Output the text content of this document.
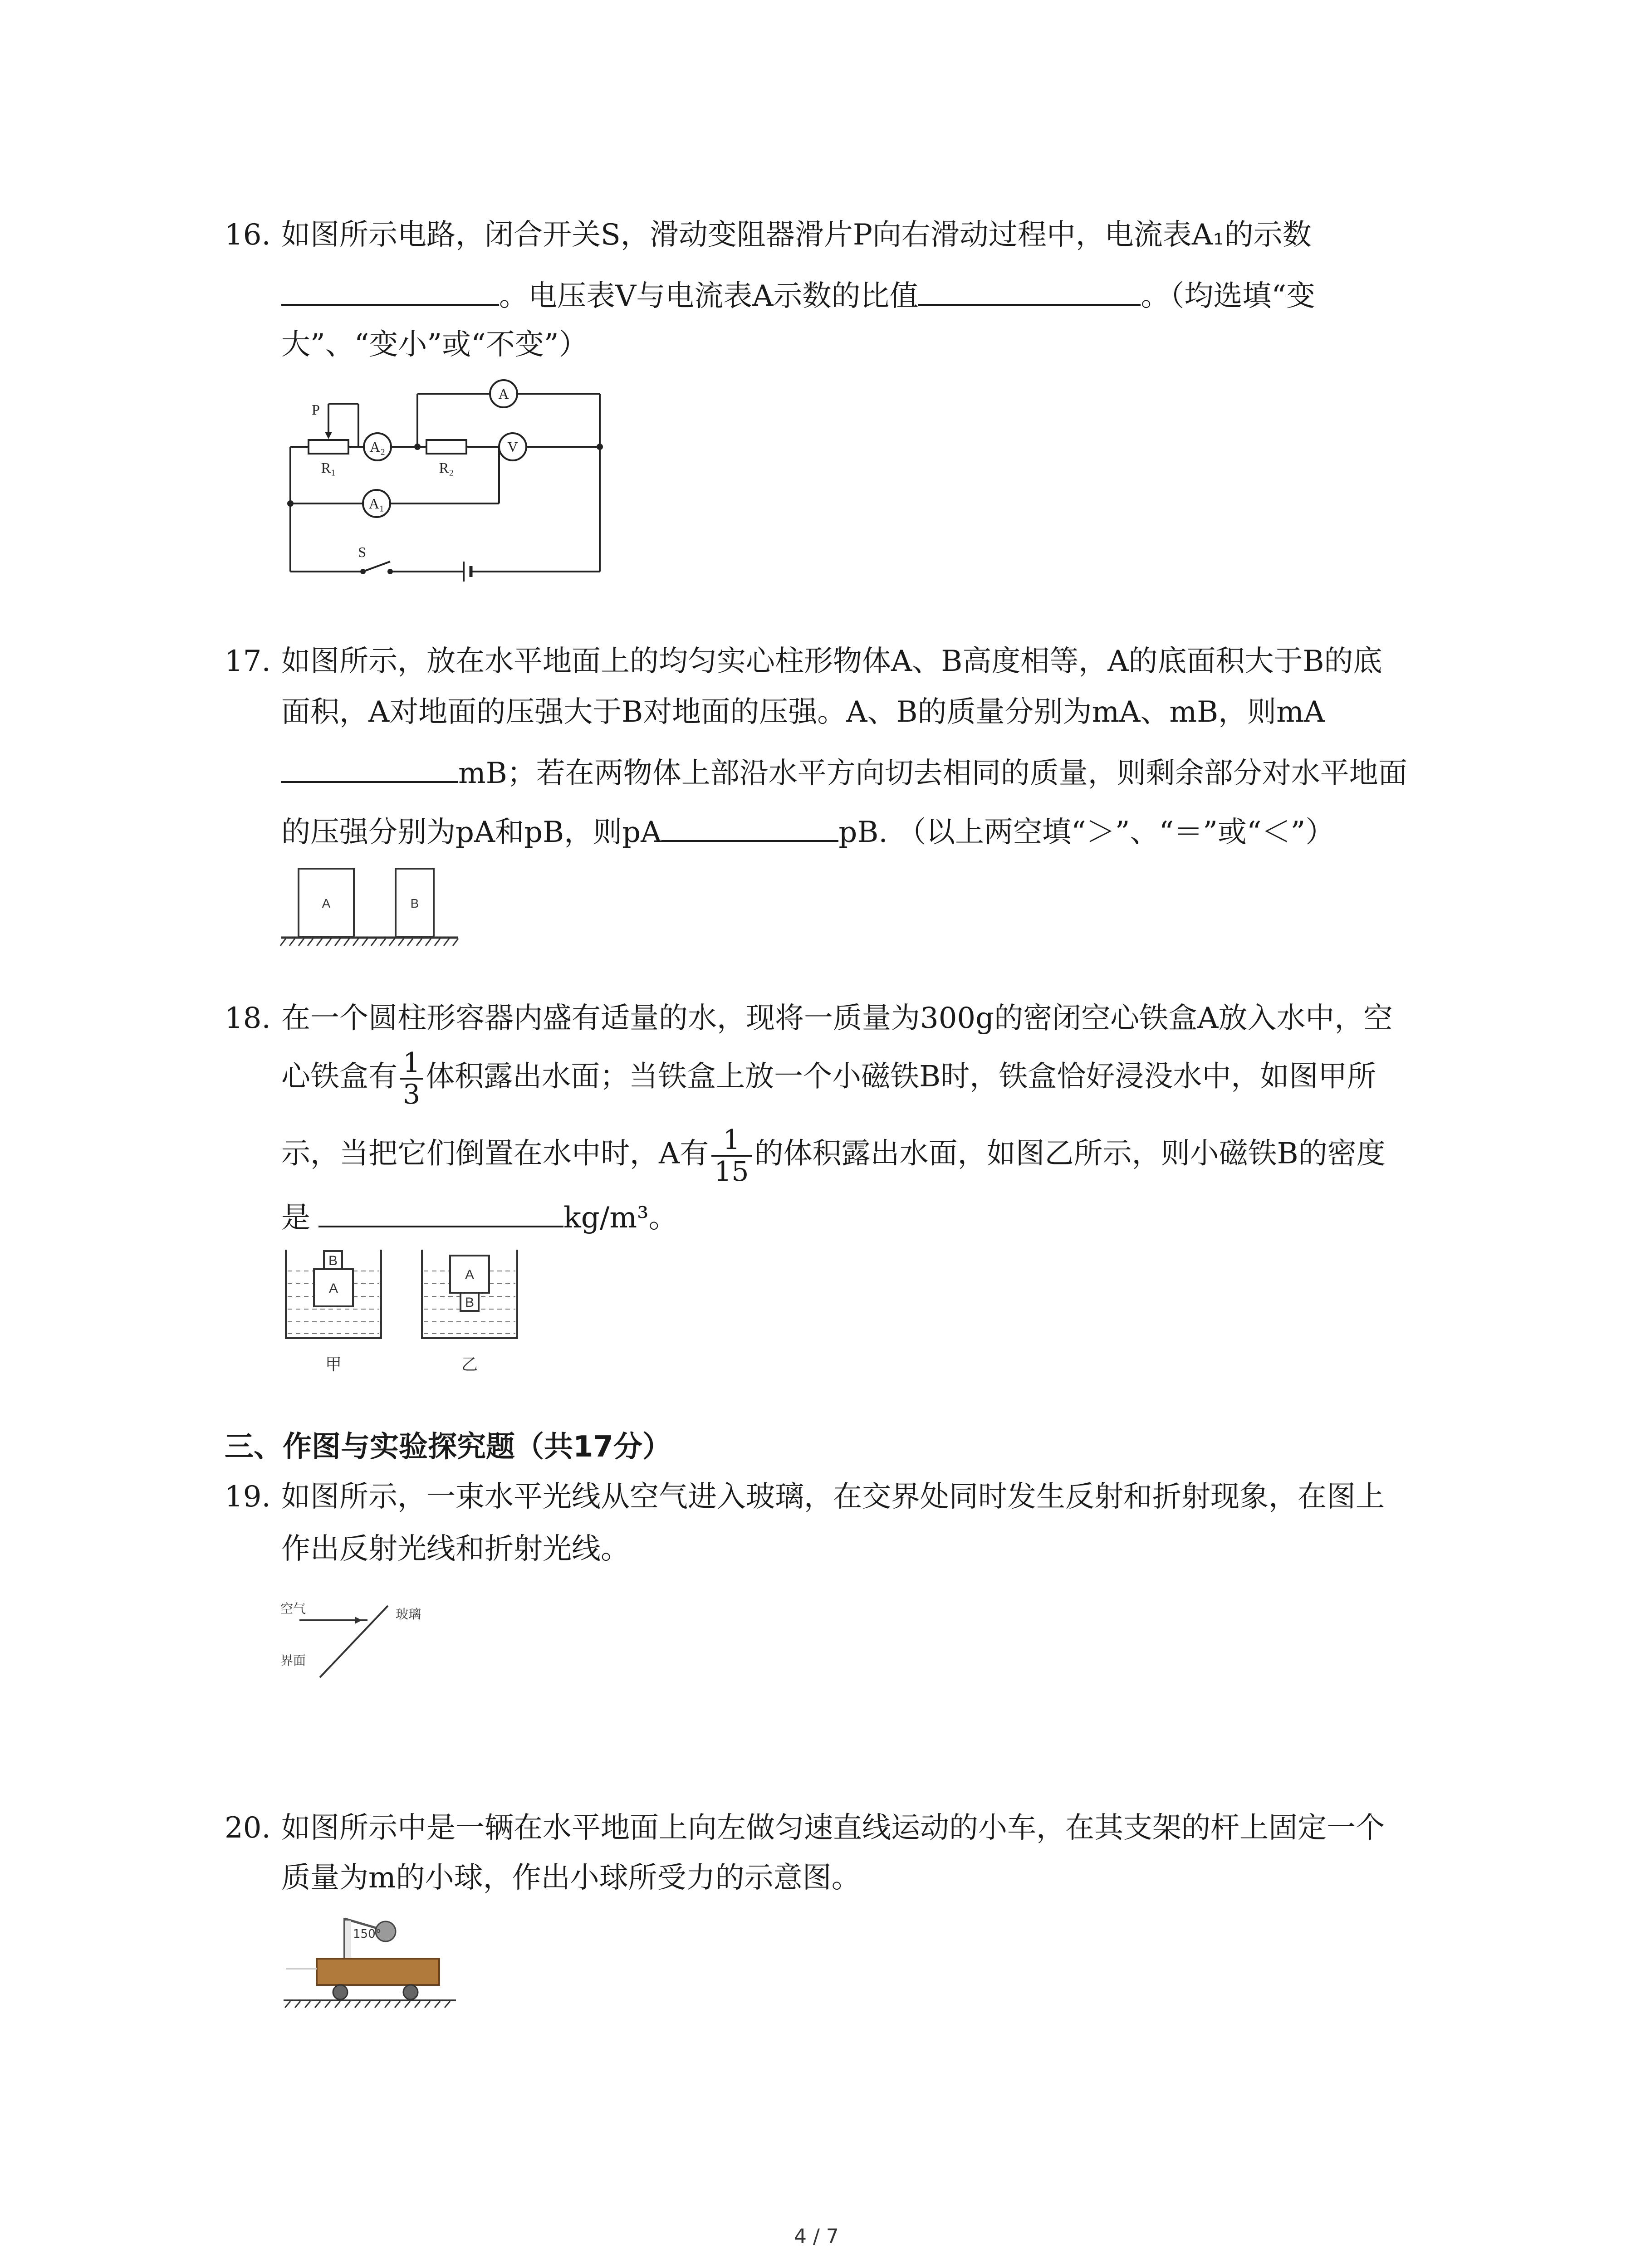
16. 如图所示电路，闭合开关S，滑动变阻器滑片P向右滑动过程中，电流表A₁的示数
。电压表V与电流表A示数的比值	。（均选填“变
大”、“变小”或“不变”）
A
A₂	V
A₁
P
R₁	R₂
S
17. 如图所示，放在水平地面上的均匀实心柱形物体A、B高度相等，A的底面积大于B的底
面积，A对地面的压强大于B对地面的压强。A、B的质量分别为mA、mB，则mA
mB；若在两物体上部沿水平方向切去相同的质量，则剩余部分对水平地面
的压强分别为pA和pB，则pA	pB. （以上两空填“＞”、“＝”或“＜”）
A	B
18. 在一个圆柱形容器内盛有适量的水，现将一质量为300g的密闭空心铁盒A放入水中，空
心铁盒有 $\frac{1}{3}$ 体积露出水面；当铁盒上放一个小磁铁B时，铁盒恰好浸没水中，如图甲所
示，当把它们倒置在水中时，A有 $\frac{1}{15}$ 的体积露出水面，如图乙所示，则小磁铁B的密度
是	kg/m³。
B
A
A
B
甲	乙
三、作图与实验探究题（共17分）
19. 如图所示，一束水平光线从空气进入玻璃，在交界处同时发生反射和折射现象，在图上
作出反射光线和折射光线。
空气	玻璃
界面
20. 如图所示中是一辆在水平地面上向左做匀速直线运动的小车，在其支架的杆上固定一个
质量为m的小球，作出小球所受力的示意图。
150°
4 / 7
